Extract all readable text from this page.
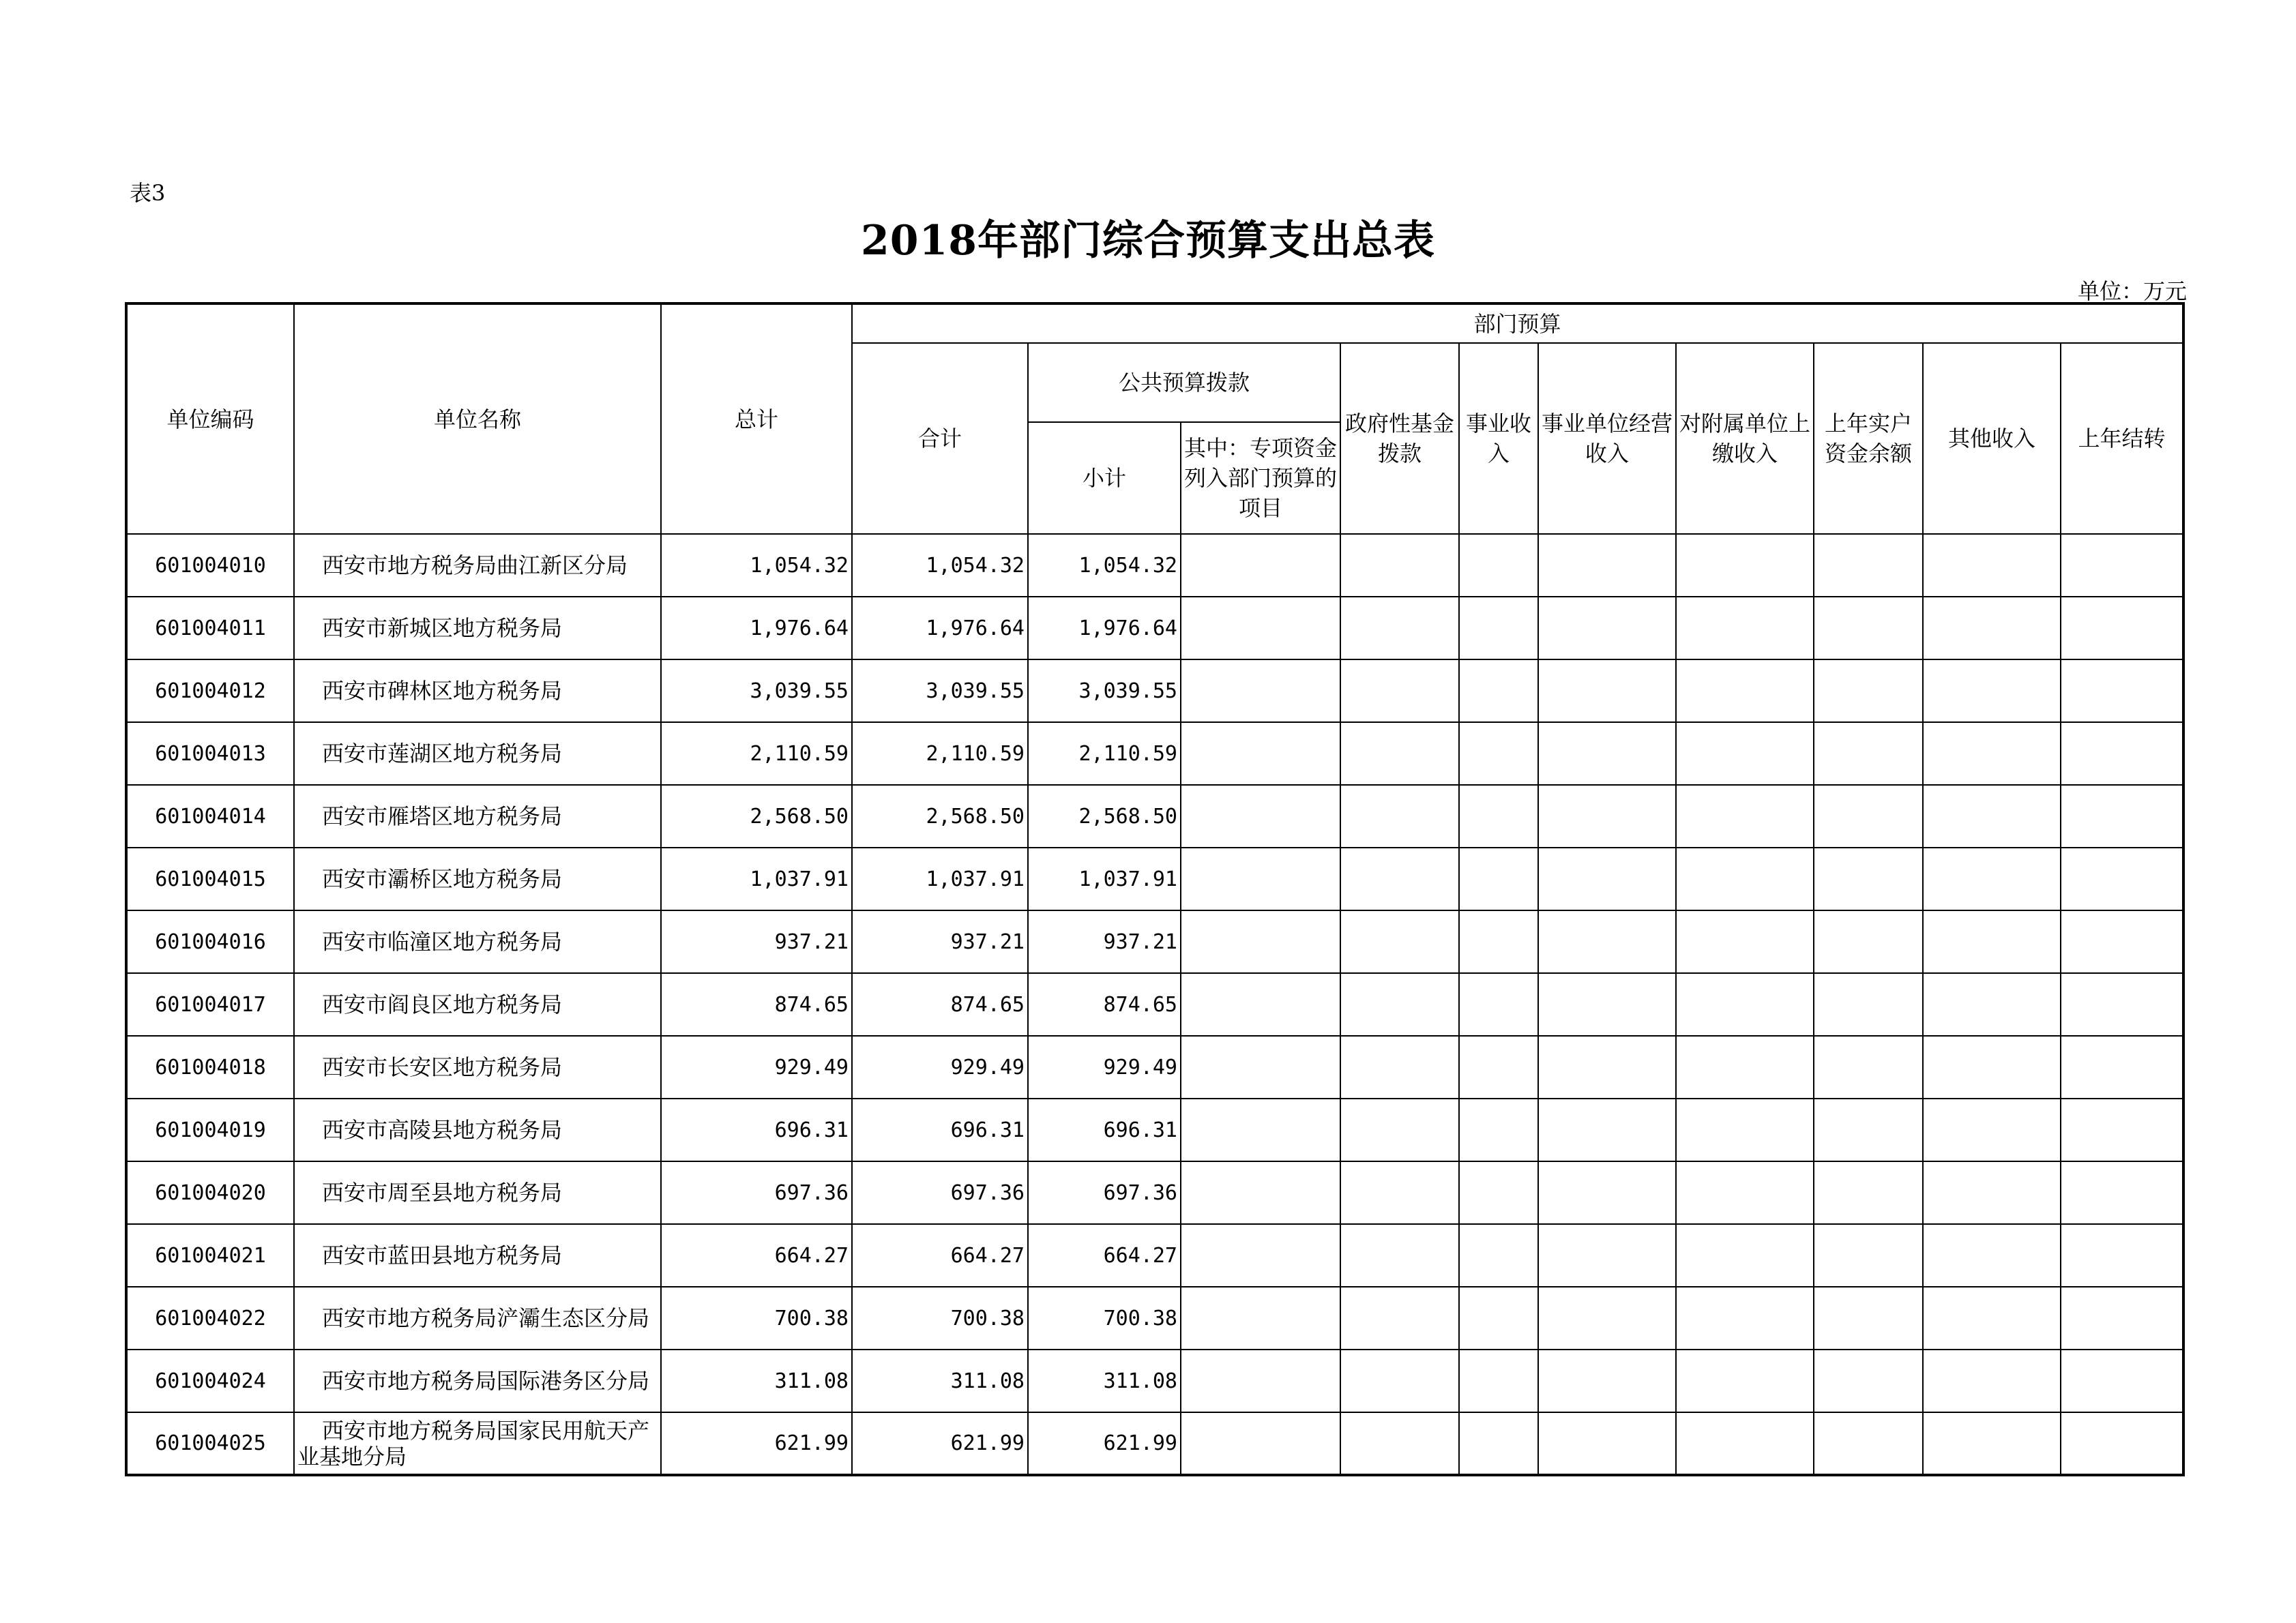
表3
2018年部门综合预算支出总表
单位：万元
单位编码	单位名称	总计	部门预算									
			合计	公共预算拨款		政府性基金拨款	事业收入	事业单位经营收入	对附属单位上缴收入	上年实户资金余额	其他收入	上年结转
				小计	其中：专项资金列入部门预算的项目							
601004010	西安市地方税务局曲江新区分局	1,054.32	1,054.32	1,054.32								
601004011	西安市新城区地方税务局	1,976.64	1,976.64	1,976.64								
601004012	西安市碑林区地方税务局	3,039.55	3,039.55	3,039.55								
601004013	西安市莲湖区地方税务局	2,110.59	2,110.59	2,110.59								
601004014	西安市雁塔区地方税务局	2,568.50	2,568.50	2,568.50								
601004015	西安市灞桥区地方税务局	1,037.91	1,037.91	1,037.91								
601004016	西安市临潼区地方税务局	937.21	937.21	937.21								
601004017	西安市阎良区地方税务局	874.65	874.65	874.65								
601004018	西安市长安区地方税务局	929.49	929.49	929.49								
601004019	西安市高陵县地方税务局	696.31	696.31	696.31								
601004020	西安市周至县地方税务局	697.36	697.36	697.36								
601004021	西安市蓝田县地方税务局	664.27	664.27	664.27								
601004022	西安市地方税务局浐灞生态区分局	700.38	700.38	700.38								
601004024	西安市地方税务局国际港务区分局	311.08	311.08	311.08								
601004025	西安市地方税务局国家民用航天产业基地分局	621.99	621.99	621.99								
